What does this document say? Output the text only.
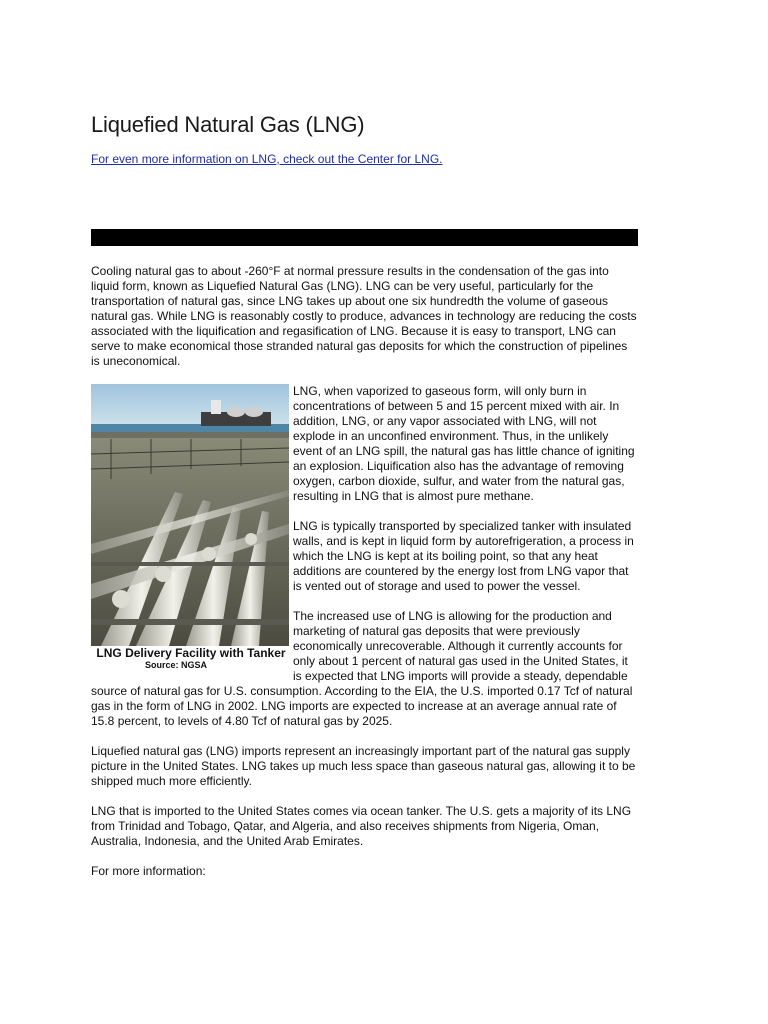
Liquefied Natural Gas (LNG)
For even more information on LNG, check out the Center for LNG.

Cooling natural gas to about -260°F at normal pressure results in the condensation of the gas into liquid form, known as Liquefied Natural Gas (LNG). LNG can be very useful, particularly for the transportation of natural gas, since LNG takes up about one six hundredth the volume of gaseous natural gas. While LNG is reasonably costly to produce, advances in technology are reducing the costs associated with the liquification and regasification of LNG. Because it is easy to transport, LNG can serve to make economical those stranded natural gas deposits for which the construction of pipelines is uneconomical.

LNG Delivery Facility with Tanker
Source: NGSA

LNG, when vaporized to gaseous form, will only burn in concentrations of between 5 and 15 percent mixed with air. In addition, LNG, or any vapor associated with LNG, will not explode in an unconfined environment. Thus, in the unlikely event of an LNG spill, the natural gas has little chance of igniting an explosion. Liquification also has the advantage of removing oxygen, carbon dioxide, sulfur, and water from the natural gas, resulting in LNG that is almost pure methane.

LNG is typically transported by specialized tanker with insulated walls, and is kept in liquid form by autorefrigeration, a process in which the LNG is kept at its boiling point, so that any heat additions are countered by the energy lost from LNG vapor that is vented out of storage and used to power the vessel.

The increased use of LNG is allowing for the production and marketing of natural gas deposits that were previously economically unrecoverable. Although it currently accounts for only about 1 percent of natural gas used in the United States, it is expected that LNG imports will provide a steady, dependable source of natural gas for U.S. consumption. According to the EIA, the U.S. imported 0.17 Tcf of natural gas in the form of LNG in 2002. LNG imports are expected to increase at an average annual rate of 15.8 percent, to levels of 4.80 Tcf of natural gas by 2025.

Liquefied natural gas (LNG) imports represent an increasingly important part of the natural gas supply picture in the United States. LNG takes up much less space than gaseous natural gas, allowing it to be shipped much more efficiently.

LNG that is imported to the United States comes via ocean tanker. The U.S. gets a majority of its LNG from Trinidad and Tobago, Qatar, and Algeria, and also receives shipments from Nigeria, Oman, Australia, Indonesia, and the United Arab Emirates.

For more information:
